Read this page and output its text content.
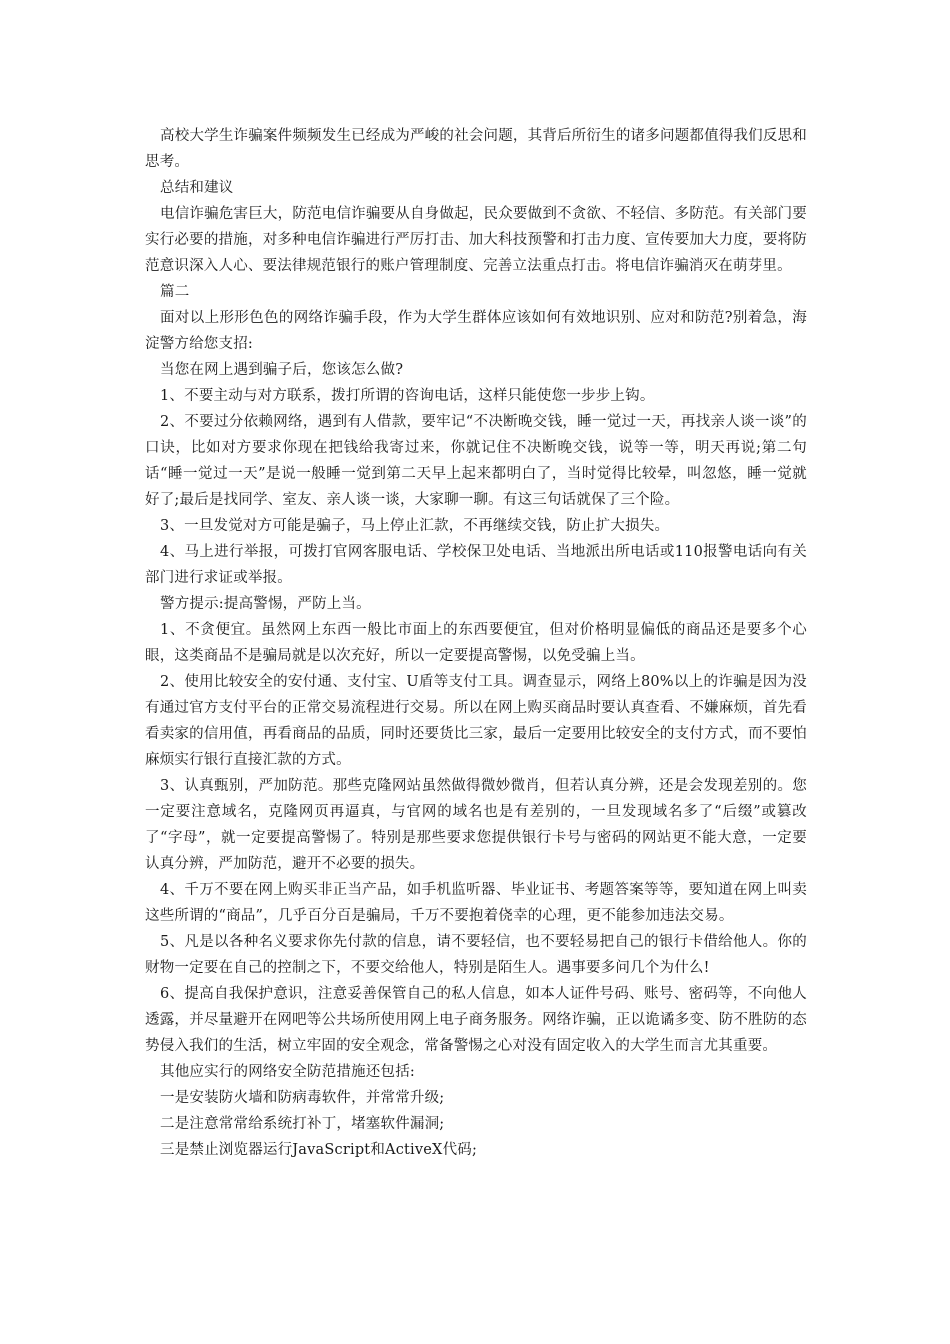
高校大学生诈骗案件频频发生已经成为严峻的社会问题，其背后所衍生的诸多问题都值得我们反思和思考。

总结和建议

电信诈骗危害巨大，防范电信诈骗要从自身做起，民众要做到不贪欲、不轻信、多防范。有关部门要实行必要的措施，对多种电信诈骗进行严厉打击、加大科技预警和打击力度、宣传要加大力度，要将防范意识深入人心、要法律规范银行的账户管理制度、完善立法重点打击。将电信诈骗消灭在萌芽里。

篇二

面对以上形形色色的网络诈骗手段，作为大学生群体应该如何有效地识别、应对和防范?别着急，海淀警方给您支招:

当您在网上遇到骗子后，您该怎么做?

1、不要主动与对方联系，拨打所谓的咨询电话，这样只能使您一步步上钩。

2、不要过分依赖网络，遇到有人借款，要牢记“不决断晚交钱，睡一觉过一天，再找亲人谈一谈”的口诀，比如对方要求你现在把钱给我寄过来，你就记住不决断晚交钱，说等一等，明天再说;第二句话“睡一觉过一天”是说一般睡一觉到第二天早上起来都明白了，当时觉得比较晕，叫忽悠，睡一觉就好了;最后是找同学、室友、亲人谈一谈，大家聊一聊。有这三句话就保了三个险。

3、一旦发觉对方可能是骗子，马上停止汇款，不再继续交钱，防止扩大损失。

4、马上进行举报，可拨打官网客服电话、学校保卫处电话、当地派出所电话或110报警电话向有关部门进行求证或举报。

警方提示:提高警惕，严防上当。

1、不贪便宜。虽然网上东西一般比市面上的东西要便宜，但对价格明显偏低的商品还是要多个心眼，这类商品不是骗局就是以次充好，所以一定要提高警惕，以免受骗上当。

2、使用比较安全的安付通、支付宝、U盾等支付工具。调查显示，网络上80%以上的诈骗是因为没有通过官方支付平台的正常交易流程进行交易。所以在网上购买商品时要认真查看、不嫌麻烦，首先看看卖家的信用值，再看商品的品质，同时还要货比三家，最后一定要用比较安全的支付方式，而不要怕麻烦实行银行直接汇款的方式。

3、认真甄别，严加防范。那些克隆网站虽然做得微妙微肖，但若认真分辨，还是会发现差别的。您一定要注意域名，克隆网页再逼真，与官网的域名也是有差别的，一旦发现域名多了“后缀”或篡改了“字母”，就一定要提高警惕了。特别是那些要求您提供银行卡号与密码的网站更不能大意，一定要认真分辨，严加防范，避开不必要的损失。

4、千万不要在网上购买非正当产品，如手机监听器、毕业证书、考题答案等等，要知道在网上叫卖这些所谓的“商品”，几乎百分百是骗局，千万不要抱着侥幸的心理，更不能参加违法交易。

5、凡是以各种名义要求你先付款的信息，请不要轻信，也不要轻易把自己的银行卡借给他人。你的财物一定要在自己的控制之下，不要交给他人，特别是陌生人。遇事要多问几个为什么!

6、提高自我保护意识，注意妥善保管自己的私人信息，如本人证件号码、账号、密码等，不向他人透露，并尽量避开在网吧等公共场所使用网上电子商务服务。网络诈骗，正以诡谲多变、防不胜防的态势侵入我们的生活，树立牢固的安全观念，常备警惕之心对没有固定收入的大学生而言尤其重要。

其他应实行的网络安全防范措施还包括:

一是安装防火墙和防病毒软件，并常常升级;

二是注意常常给系统打补丁，堵塞软件漏洞;

三是禁止浏览器运行JavaScript和ActiveX代码;
